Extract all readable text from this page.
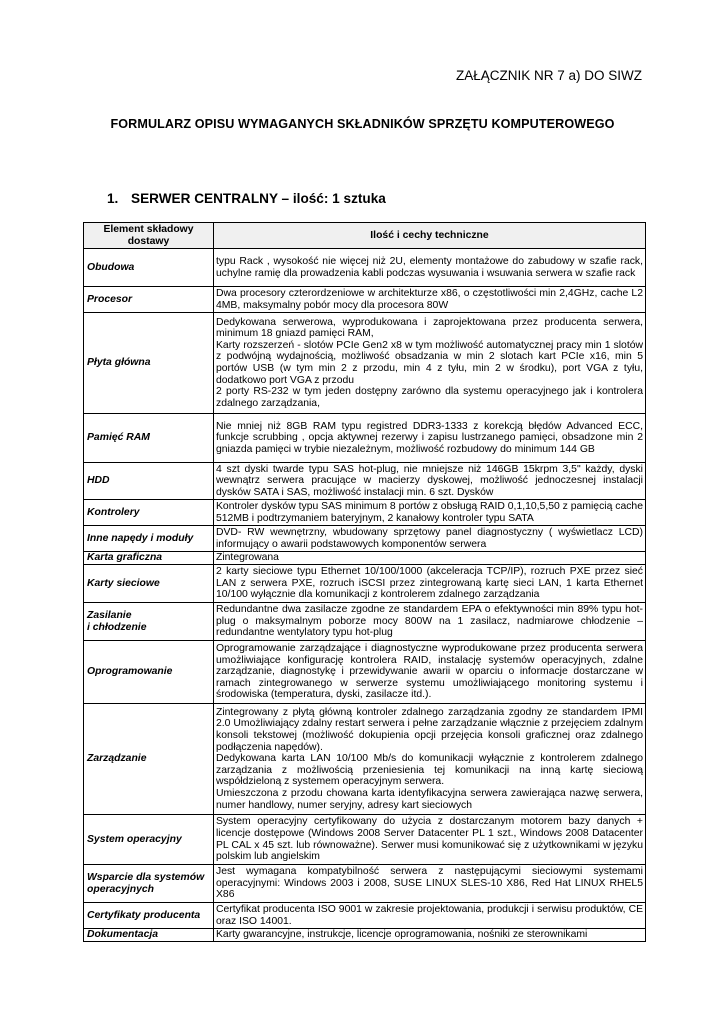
ZAŁĄCZNIK NR 7 a) DO SIWZ
FORMULARZ OPISU WYMAGANYCH SKŁADNIKÓW SPRZĘTU KOMPUTEROWEGO
1. SERWER CENTRALNY – ilość: 1 sztuka
Element składowy dostawy	Ilość i cechy techniczne
Obudowa	typu Rack , wysokość nie więcej niż 2U, elementy montażowe do zabudowy w szafie rack, uchylne ramię dla prowadzenia kabli podczas wysuwania i wsuwania serwera w szafie rack
Procesor	Dwa procesory czterordzeniowe w architekturze x86, o częstotliwości min 2,4GHz, cache L2 4MB, maksymalny pobór mocy dla procesora 80W
Płyta główna	Dedykowana serwerowa, wyprodukowana i zaprojektowana przez producenta serwera, minimum 18 gniazd pamięci RAM,
Karty rozszerzeń - slotów PCIe Gen2 x8 w tym możliwość automatycznej pracy min 1 slotów z podwójną wydajnością, możliwość obsadzania w min 2 slotach kart PCIe x16, min 5 portów USB (w tym min 2 z przodu, min 4 z tyłu, min 2 w środku), port VGA z tyłu, dodatkowo port VGA z przodu
2 porty RS-232 w tym jeden dostępny zarówno dla systemu operacyjnego jak i kontrolera zdalnego zarządzania,
Pamięć RAM	Nie mniej niż 8GB RAM typu registred DDR3-1333 z korekcją błędów Advanced ECC, funkcje scrubbing , opcja aktywnej rezerwy i zapisu lustrzanego pamięci, obsadzone min 2 gniazda pamięci w trybie niezależnym, możliwość rozbudowy do minimum 144 GB
HDD	4 szt dyski twarde typu SAS hot-plug, nie mniejsze niż 146GB 15krpm 3,5" każdy, dyski wewnątrz serwera pracujące w macierzy dyskowej, możliwość jednoczesnej instalacji dysków SATA i SAS, możliwość instalacji min. 6 szt. Dysków
Kontrolery	Kontroler dysków typu SAS minimum 8 portów z obsługą RAID 0,1,10,5,50 z pamięcią cache 512MB i podtrzymaniem bateryjnym, 2 kanałowy kontroler typu SATA
Inne napędy i moduły	DVD- RW wewnętrzny, wbudowany sprzętowy panel diagnostyczny ( wyświetlacz LCD) informujący o awarii podstawowych komponentów serwera
Karta graficzna	Zintegrowana
Karty sieciowe	2 karty sieciowe typu Ethernet 10/100/1000 (akceleracja TCP/IP), rozruch PXE przez sieć LAN z serwera PXE, rozruch iSCSI przez zintegrowaną kartę sieci LAN, 1 karta Ethernet 10/100 wyłącznie dla komunikacji z kontrolerem zdalnego zarządzania
Zasilanie
i chłodzenie	Redundantne dwa zasilacze zgodne ze standardem EPA o efektywności min 89% typu hot-plug o maksymalnym poborze mocy 800W na 1 zasilacz, nadmiarowe chłodzenie – redundantne wentylatory typu hot-plug
Oprogramowanie	Oprogramowanie zarządzające i diagnostyczne wyprodukowane przez producenta serwera umożliwiające konfigurację kontrolera RAID, instalację systemów operacyjnych, zdalne zarządzanie, diagnostykę i przewidywanie awarii w oparciu o informacje dostarczane w ramach zintegrowanego w serwerze systemu umożliwiającego monitoring systemu i środowiska (temperatura, dyski, zasilacze itd.).
Zarządzanie	Zintegrowany z płytą główną kontroler zdalnego zarządzania zgodny ze standardem IPMI 2.0 Umożliwiający zdalny restart serwera i pełne zarządzanie włącznie z przejęciem zdalnym konsoli tekstowej (możliwość dokupienia opcji przejęcia konsoli graficznej oraz zdalnego podłączenia napędów).
Dedykowana karta LAN 10/100 Mb/s do komunikacji wyłącznie z kontrolerem zdalnego zarządzania z możliwością przeniesienia tej komunikacji na inną kartę sieciową współdzieloną z systemem operacyjnym serwera.
Umieszczona z przodu chowana karta identyfikacyjna serwera zawierająca nazwę serwera, numer handlowy, numer seryjny, adresy kart sieciowych
System operacyjny	System operacyjny certyfikowany do użycia z dostarczanym motorem bazy danych + licencje dostępowe (Windows 2008 Server Datacenter PL 1 szt., Windows 2008 Datacenter PL CAL x 45 szt. lub równoważne). Serwer musi komunikować się z użytkownikami w języku polskim lub angielskim
Wsparcie dla systemów operacyjnych	Jest wymagana kompatybilność serwera z następującymi sieciowymi systemami operacyjnymi: Windows 2003 i 2008, SUSE LINUX SLES-10 X86, Red Hat LINUX RHEL5 X86
Certyfikaty producenta	Certyfikat producenta ISO 9001 w zakresie projektowania, produkcji i serwisu produktów, CE oraz ISO 14001.
Dokumentacja	Karty gwarancyjne, instrukcje, licencje oprogramowania, nośniki ze sterownikami
